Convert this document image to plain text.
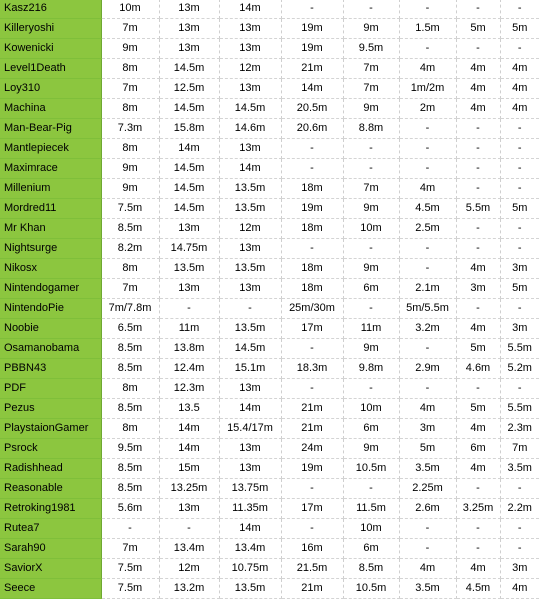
Kasz216	10m	13m	14m	-	-	-	-	-
Killeryoshi	7m	13m	13m	19m	9m	1.5m	5m	5m
Kowenicki	9m	13m	13m	19m	9.5m	-	-	-
Level1Death	8m	14.5m	12m	21m	7m	4m	4m	4m
Loy310	7m	12.5m	13m	14m	7m	1m/2m	4m	4m
Machina	8m	14.5m	14.5m	20.5m	9m	2m	4m	4m
Man-Bear-Pig	7.3m	15.8m	14.6m	20.6m	8.8m	-	-	-
Mantlepiecek	8m	14m	13m	-	-	-	-	-
Maximrace	9m	14.5m	14m	-	-	-	-	-
Millenium	9m	14.5m	13.5m	18m	7m	4m	-	-
Mordred11	7.5m	14.5m	13.5m	19m	9m	4.5m	5.5m	5m
Mr Khan	8.5m	13m	12m	18m	10m	2.5m	-	-
Nightsurge	8.2m	14.75m	13m	-	-	-	-	-
Nikosx	8m	13.5m	13.5m	18m	9m	-	4m	3m
Nintendogamer	7m	13m	13m	18m	6m	2.1m	3m	5m
NintendoPie	7m/7.8m	-	-	25m/30m	-	5m/5.5m	-	-
Noobie	6.5m	11m	13.5m	17m	11m	3.2m	4m	3m
Osamanobama	8.5m	13.8m	14.5m	-	9m	-	5m	5.5m
PBBN43	8.5m	12.4m	15.1m	18.3m	9.8m	2.9m	4.6m	5.2m
PDF	8m	12.3m	13m	-	-	-	-	-
Pezus	8.5m	13.5	14m	21m	10m	4m	5m	5.5m
PlaystaionGamer	8m	14m	15.4/17m	21m	6m	3m	4m	2.3m
Psrock	9.5m	14m	13m	24m	9m	5m	6m	7m
Radishhead	8.5m	15m	13m	19m	10.5m	3.5m	4m	3.5m
Reasonable	8.5m	13.25m	13.75m	-	-	2.25m	-	-
Retroking1981	5.6m	13m	11.35m	17m	11.5m	2.6m	3.25m	2.2m
Rutea7	-	-	14m	-	10m	-	-	-
Sarah90	7m	13.4m	13.4m	16m	6m	-	-	-
SaviorX	7.5m	12m	10.75m	21.5m	8.5m	4m	4m	3m
Seece	7.5m	13.2m	13.5m	21m	10.5m	3.5m	4.5m	4m
